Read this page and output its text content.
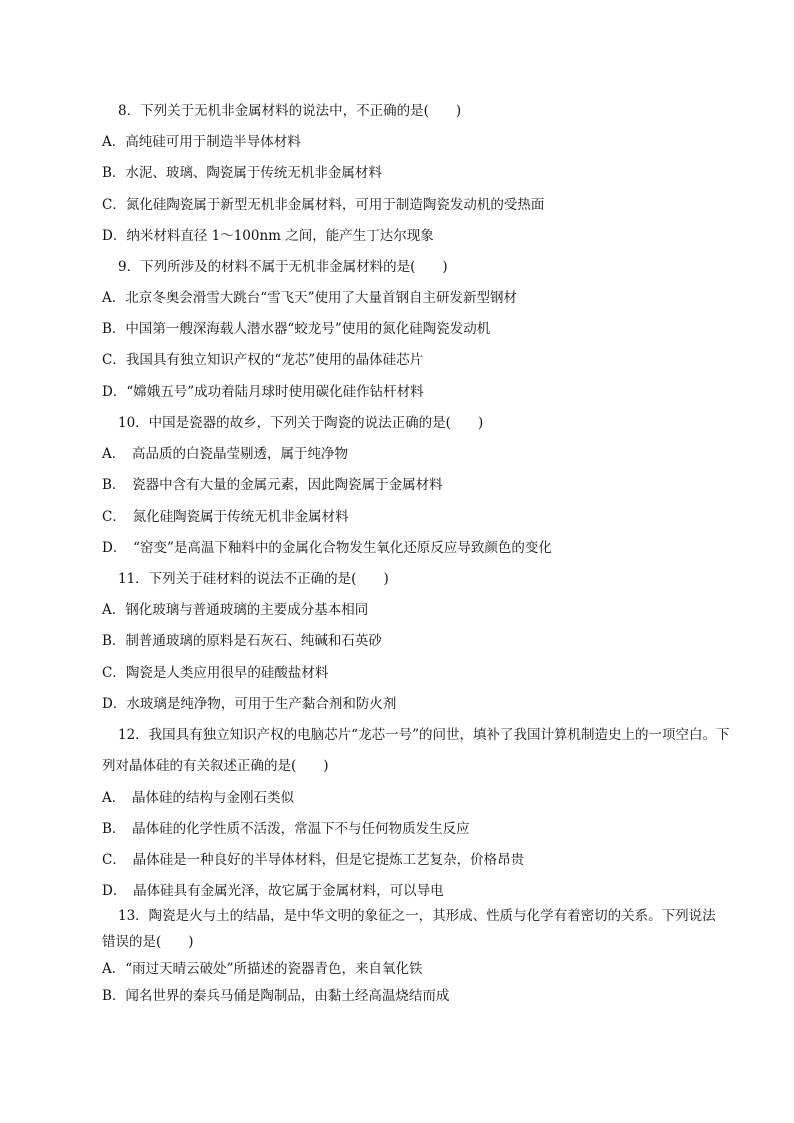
8．下列关于无机非金属材料的说法中，不正确的是(　　)
A．高纯硅可用于制造半导体材料
B．水泥、玻璃、陶瓷属于传统无机非金属材料
C．氮化硅陶瓷属于新型无机非金属材料，可用于制造陶瓷发动机的受热面
D．纳米材料直径 1～100nm 之间，能产生丁达尔现象
9．下列所涉及的材料不属于无机非金属材料的是(　　)
A．北京冬奥会滑雪大跳台“雪飞天”使用了大量首钢自主研发新型钢材
B．中国第一艘深海载人潜水器“蛟龙号”使用的氮化硅陶瓷发动机
C．我国具有独立知识产权的“龙芯”使用的晶体硅芯片
D．“嫦娥五号”成功着陆月球时使用碳化硅作钻杆材料
10．中国是瓷器的故乡，下列关于陶瓷的说法正确的是(　　)
A．　高品质的白瓷晶莹剔透，属于纯净物
B．　瓷器中含有大量的金属元素，因此陶瓷属于金属材料
C．　氮化硅陶瓷属于传统无机非金属材料
D．　“窑变”是高温下釉料中的金属化合物发生氧化还原反应导致颜色的变化
11．下列关于硅材料的说法不正确的是(　　)
A．钢化玻璃与普通玻璃的主要成分基本相同
B．制普通玻璃的原料是石灰石、纯碱和石英砂
C．陶瓷是人类应用很早的硅酸盐材料
D．水玻璃是纯净物，可用于生产黏合剂和防火剂
12．我国具有独立知识产权的电脑芯片“龙芯一号”的问世，填补了我国计算机制造史上的一项空白。下
列对晶体硅的有关叙述正确的是(　　)
A．　晶体硅的结构与金刚石类似
B．　晶体硅的化学性质不活泼，常温下不与任何物质发生反应
C．　晶体硅是一种良好的半导体材料，但是它提炼工艺复杂，价格昂贵
D．　晶体硅具有金属光泽，故它属于金属材料，可以导电
13．陶瓷是火与土的结晶，是中华文明的象征之一，其形成、性质与化学有着密切的关系。下列说法
错误的是(　　)
A．“雨过天晴云破处”所描述的瓷器青色，来自氧化铁
B．闻名世界的秦兵马俑是陶制品，由黏土经高温烧结而成
